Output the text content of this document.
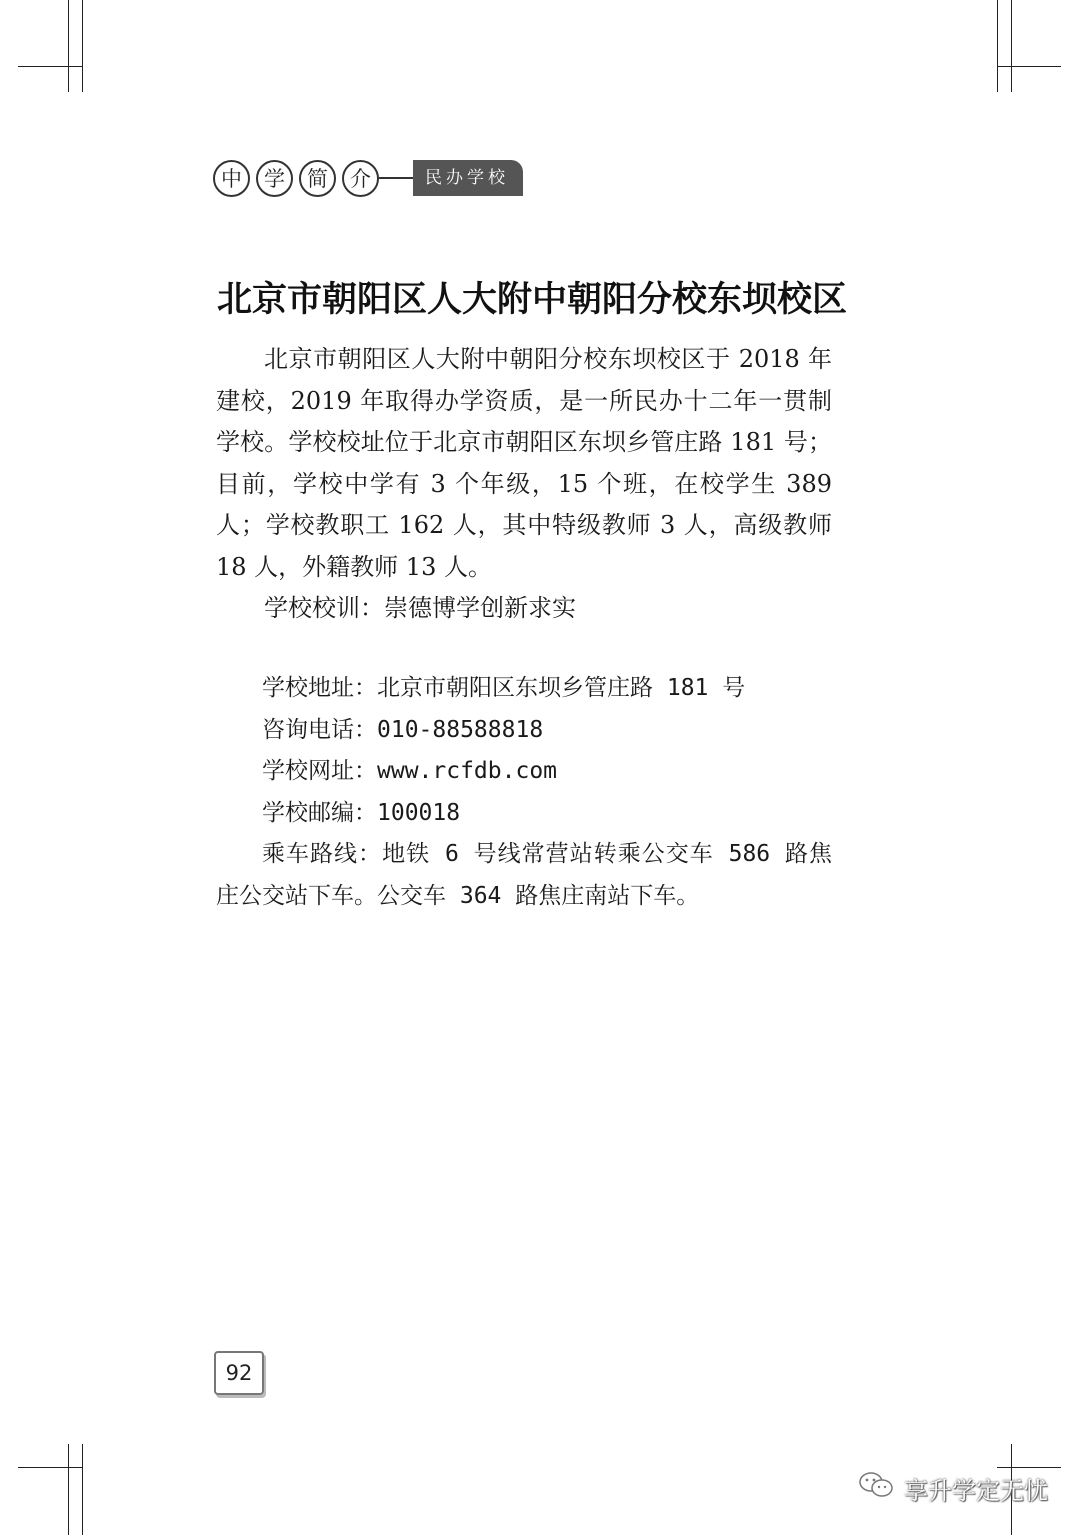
中	学	简	介	民办学校
北京市朝阳区人大附中朝阳分校东坝校区

北京市朝阳区人大附中朝阳分校东坝校区于 2018 年建校，2019 年取得办学资质，是一所民办十二年一贯制学校。学校校址位于北京市朝阳区东坝乡管庄路 181 号；目前，学校中学有 3 个年级，15 个班，在校学生 389 人；学校教职工 162 人，其中特级教师 3 人，高级教师 18 人，外籍教师 13 人。

学校校训：崇德博学创新求实

学校地址：北京市朝阳区东坝乡管庄路 181 号

咨询电话：010-88588818

学校网址：www.rcfdb.com

学校邮编：100018

乘车路线：地铁 6 号线常营站转乘公交车 586 路焦庄公交站下车。公交车 364 路焦庄南站下车。

92
享升学定无忧
